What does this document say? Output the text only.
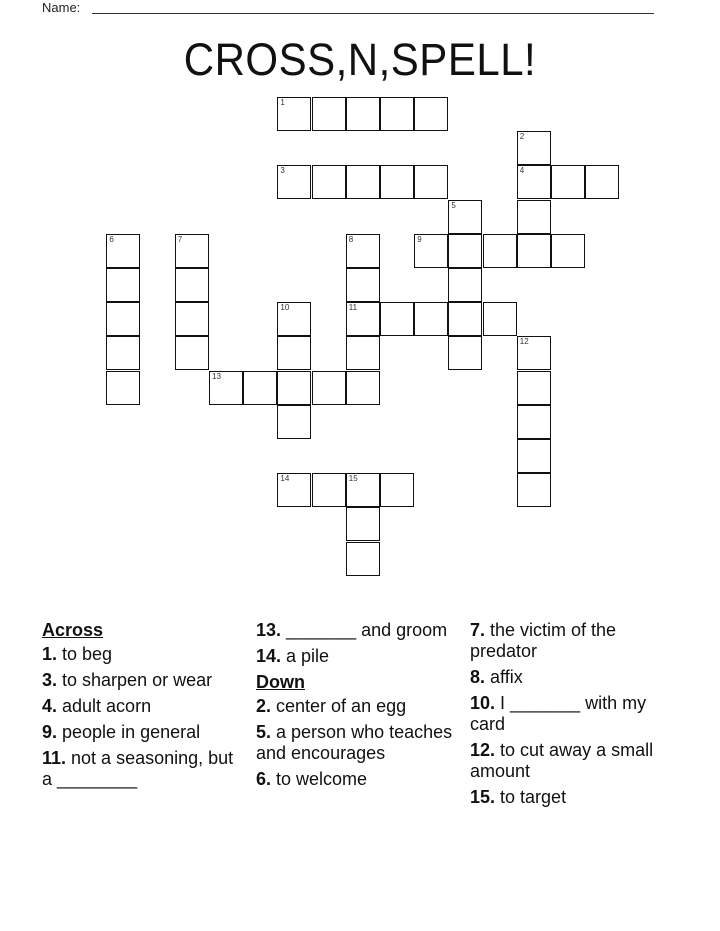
Name:
CROSS,N,SPELL!
1
2
3	4
5
6	7	8	9
10	11
12
13
14	15
Across
1. to beg
3. to sharpen or wear
4. adult acorn
9. people in general
11. not a seasoning, but a ________
13. _______ and groom
14. a pile
Down
2. center of an egg
5. a person who teaches and encourages
6. to welcome
7. the victim of the predator
8. affix
10. I _______ with my card
12. to cut away a small amount
15. to target
